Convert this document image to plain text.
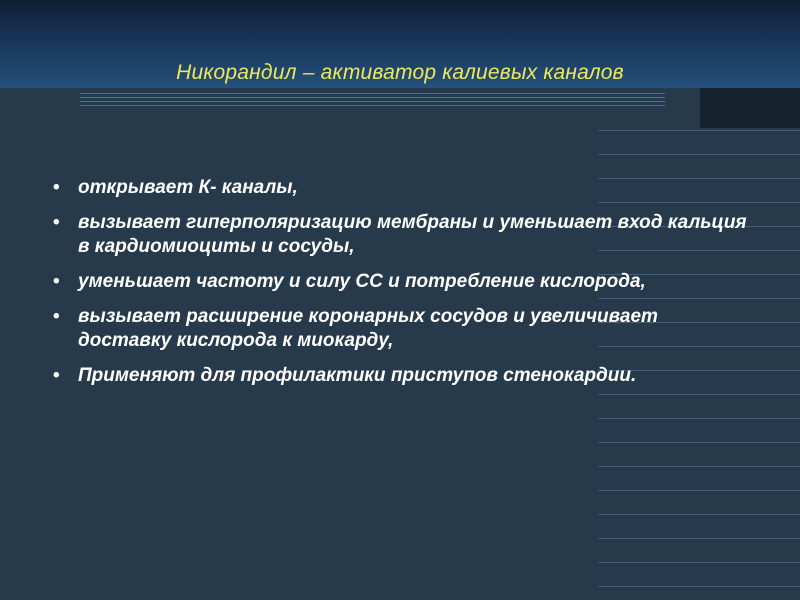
Никорандил – активатор калиевых каналов
• открывает К- каналы,
• вызывает гиперполяризацию мембраны и уменьшает вход кальция в кардиомиоциты и сосуды,
• уменьшает частоту и силу СС и потребление кислорода,
• вызывает расширение коронарных сосудов и увеличивает доставку кислорода к миокарду,
• Применяют для профилактики приступов стенокардии.
